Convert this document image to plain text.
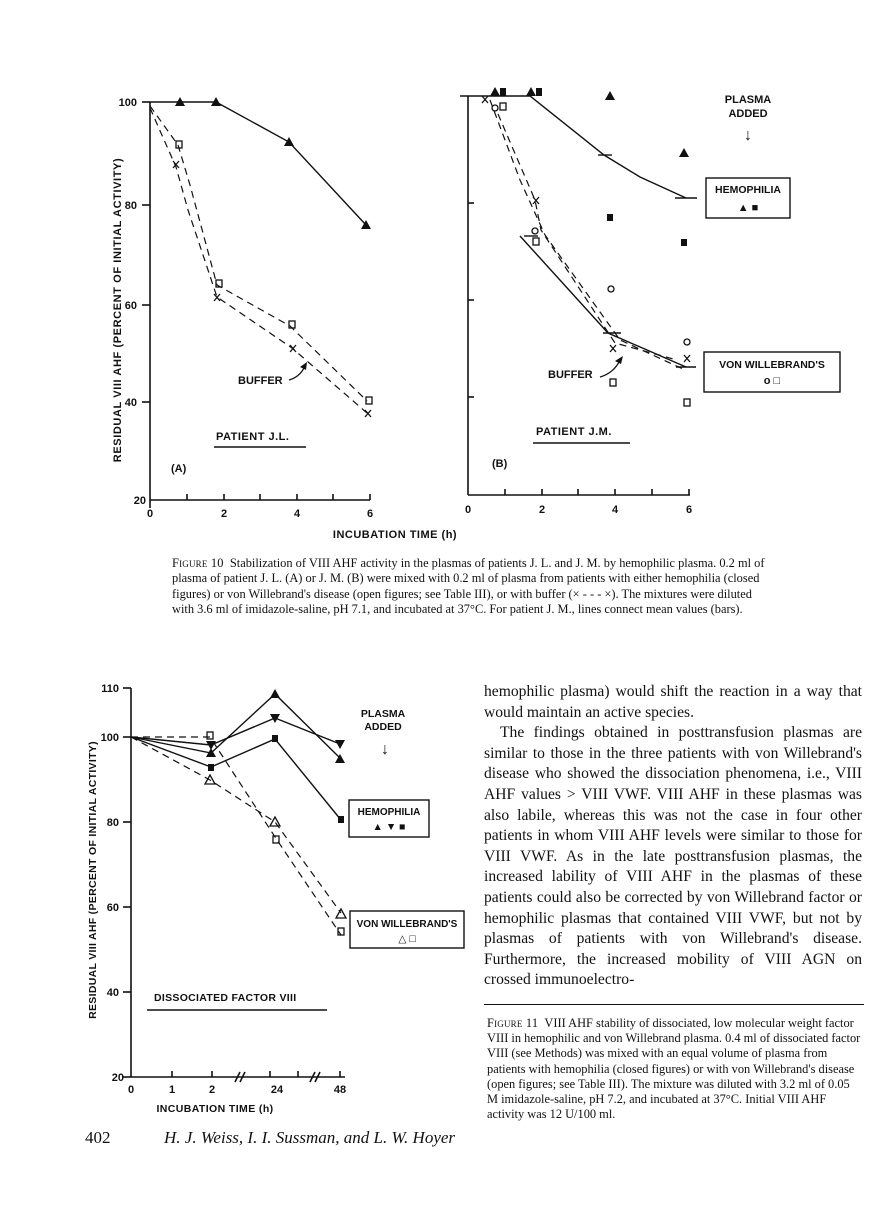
RESIDUAL VIII AHF (PERCENT OF INITIAL ACTIVITY)
100
80
60
40
20
0	2	4	6
BUFFER
PATIENT J.L.
(A)
0	2	4	6
BUFFER
PATIENT J.M.
(B)
PLASMA
ADDED
↓
HEMOPHILIA
▲ ■
VON WILLEBRAND'S
o □
INCUBATION TIME (h)

Figure 10 Stabilization of VIII AHF activity in the plasmas of patients J. L. and J. M. by hemophilic plasma. 0.2 ml of plasma of patient J. L. (A) or J. M. (B) were mixed with 0.2 ml of plasma from patients with either hemophilia (closed figures) or von Willebrand's disease (open figures; see Table III), or with buffer (× - - - ×). The mixtures were diluted with 3.6 ml of imidazole-saline, pH 7.1, and incubated at 37°C. For patient J. M., lines connect mean values (bars).

RESIDUAL VIII AHF (PERCENT OF INITIAL ACTIVITY)
110
100
80
60
40
20
0	1	2	24	48
INCUBATION TIME (h)
PLASMA
ADDED
↓
HEMOPHILIA
▲ ▼ ■
VON WILLEBRAND'S
△ □
DISSOCIATED FACTOR VIII

hemophilic plasma) would shift the reaction in a way that would maintain an active species.

The findings obtained in posttransfusion plasmas are similar to those in the three patients with von Willebrand's disease who showed the dissociation phenomena, i.e., VIII AHF values > VIII VWF. VIII AHF in these plasmas was also labile, whereas this was not the case in four other patients in whom VIII AHF levels were similar to those for VIII VWF. As in the late posttransfusion plasmas, the increased lability of VIII AHF in the plasmas of these patients could also be corrected by von Willebrand factor or hemophilic plasmas that contained VIII VWF, but not by plasmas of patients with von Willebrand's disease. Furthermore, the increased mobility of VIII AGN on crossed immunoelectro-

Figure 11 VIII AHF stability of dissociated, low molecular weight factor VIII in hemophilic and von Willebrand plasma. 0.4 ml of dissociated factor VIII (see Methods) was mixed with an equal volume of plasma from patients with hemophilia (closed figures) or with von Willebrand's disease (open figures; see Table III). The mixture was diluted with 3.2 ml of 0.05 M imidazole-saline, pH 7.2, and incubated at 37°C. Initial VIII AHF activity was 12 U/100 ml.

402	H. J. Weiss, I. I. Sussman, and L. W. Hoyer
